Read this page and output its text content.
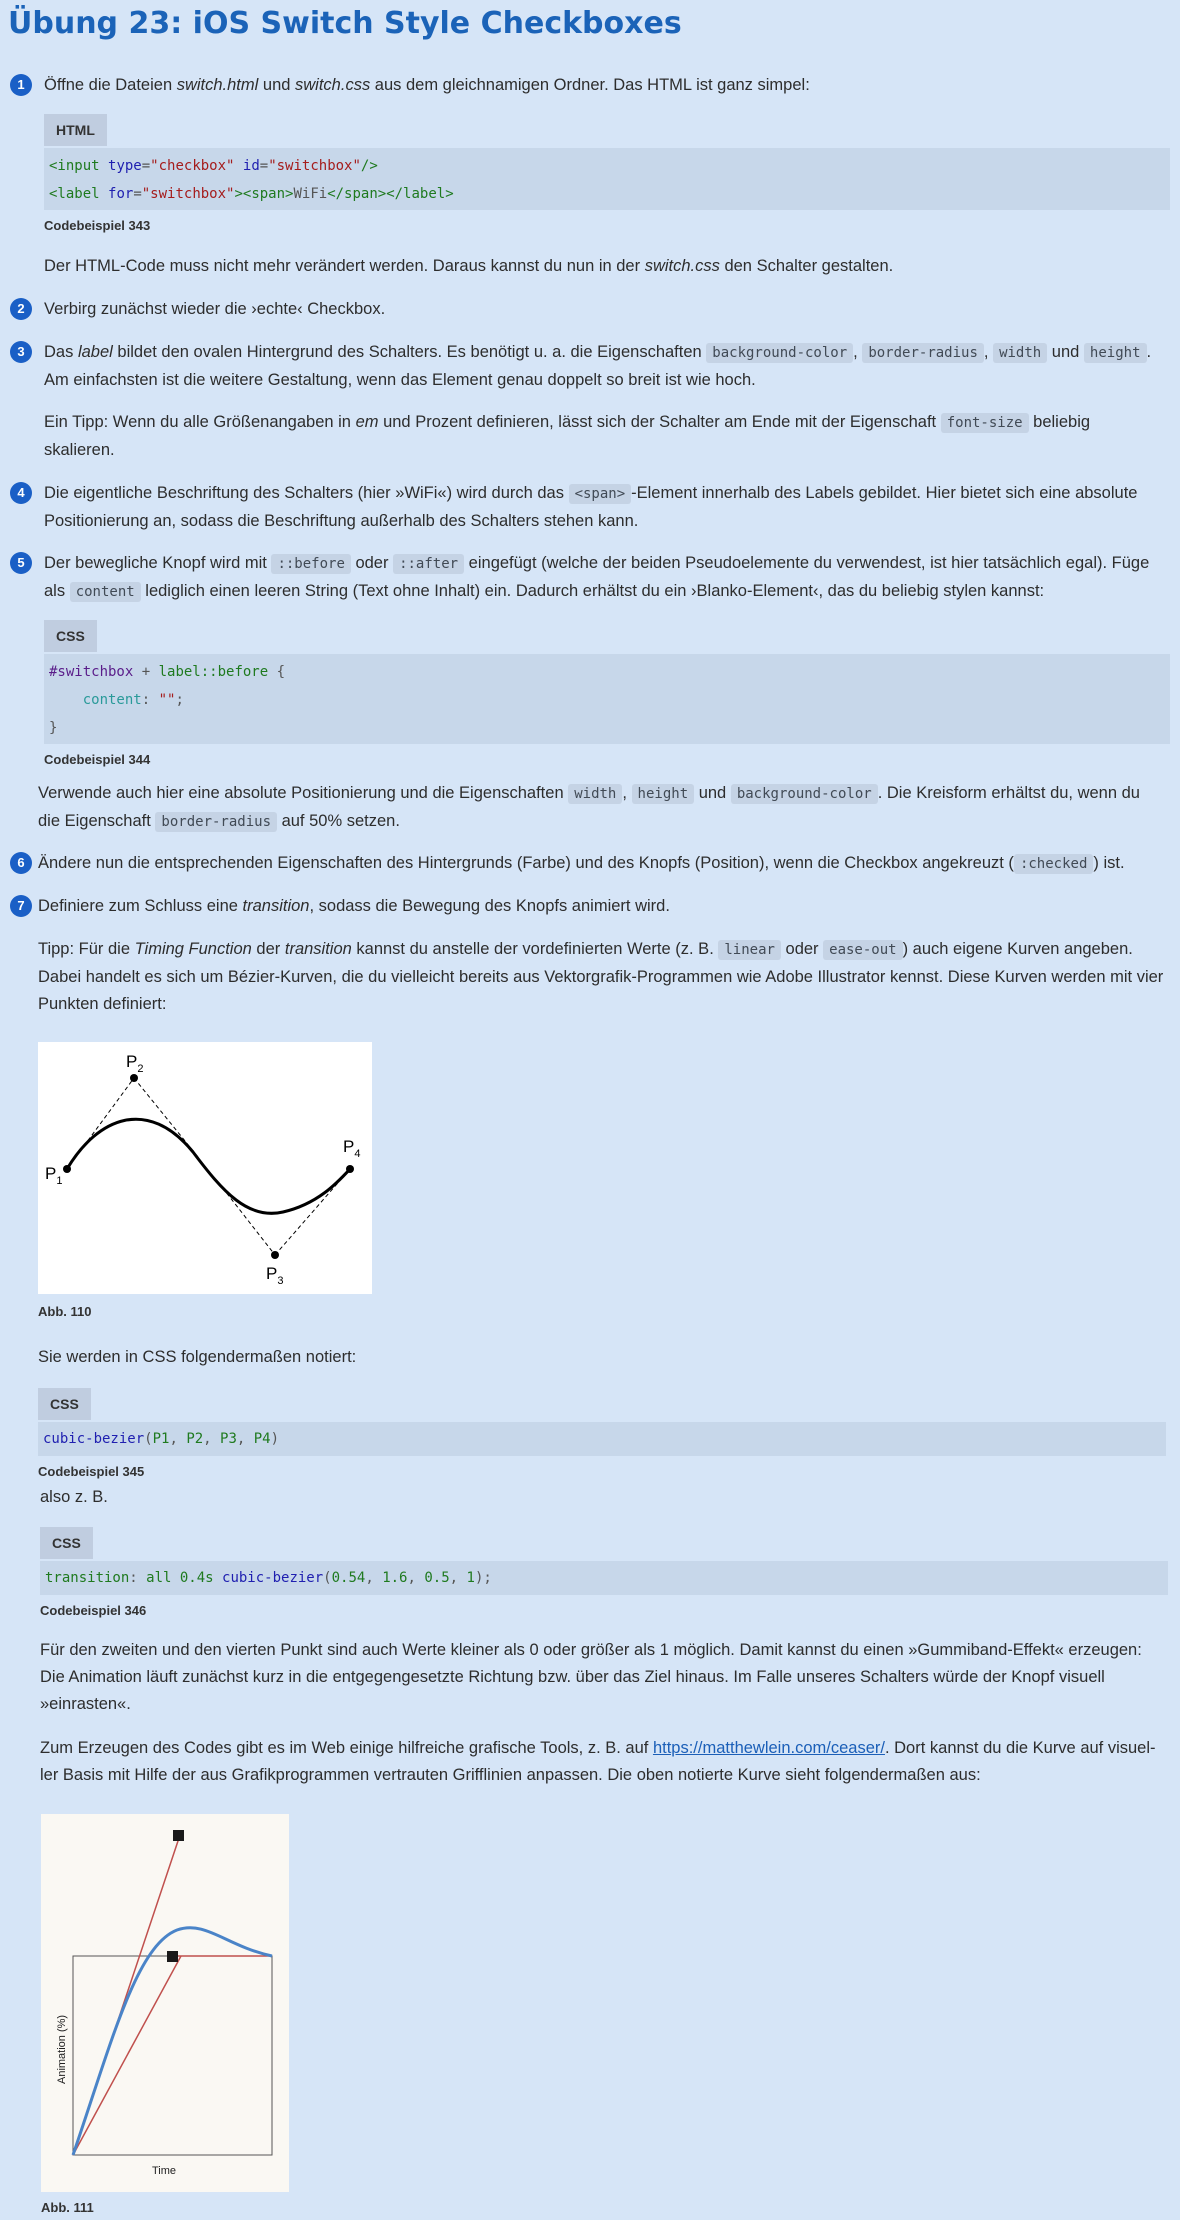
Übung 23: iOS Switch Style Checkboxes
1	Öffne die Dateien switch.html und switch.css aus dem gleichnamigen Ordner. Das HTML ist ganz simpel:

HTML
<input type="checkbox" id="switchbox"/>
<label for="switchbox"><span>WiFi</span></label>
Codebeispiel 343

Der HTML-Code muss nicht mehr verändert werden. Daraus kannst du nun in der switch.css den Schalter gestalten.

2	Verbirg zunächst wieder die ›echte‹ Checkbox.

3	Das label bildet den ovalen Hintergrund des Schalters. Es benötigt u. a. die Eigenschaften background-color , border-radius , width und height . Am einfachsten ist die weitere Gestaltung, wenn das Element genau doppelt so breit ist wie hoch.

Ein Tipp: Wenn du alle Größenangaben in em und Prozent definieren, lässt sich der Schalter am Ende mit der Eigenschaft font-size beliebig skalieren.

4	Die eigentliche Beschriftung des Schalters (hier »WiFi«) wird durch das <span> -Element innerhalb des Labels gebildet. Hier bietet sich eine absolute Positionierung an, sodass die Beschriftung außerhalb des Schalters stehen kann.

5	Der bewegliche Knopf wird mit ::before oder ::after eingefügt (welche der beiden Pseudoelemente du verwendest, ist hier tatsächlich egal). Füge als content lediglich einen leeren String (Text ohne Inhalt) ein. Dadurch erhältst du ein ›Blanko-Element‹, das du beliebig stylen kannst:

CSS
#switchbox + label::before {
content: "";
}
Codebeispiel 344

Verwende auch hier eine absolute Positionierung und die Eigenschaften width , height und background-color . Die Kreisform erhältst du, wenn du die Eigenschaft border-radius auf 50% setzen.

6 Ändere nun die entsprechenden Eigenschaften des Hintergrunds (Farbe) und des Knopfs (Position), wenn die Checkbox angekreuzt ( :checked ) ist.

7 Definiere zum Schluss eine transition, sodass die Bewegung des Knopfs animiert wird.

Tipp: Für die Timing Function der transition kannst du anstelle der vordefinierten Werte (z. B. linear oder ease-out ) auch eigene Kurven angeben. Dabei handelt es sich um Bézier-Kurven, die du vielleicht bereits aus Vektorgrafik-Programmen wie Adobe Illustrator kennst. Diese Kurven werden mit vier Punkten definiert:

$P_1$
$P_2$
$P_3$
$P_4$
Abb. 110

Sie werden in CSS folgendermaßen notiert:

CSS
cubic-bezier(P1, P2, P3, P4)
Codebeispiel 345

also z. B.

CSS
transition: all 0.4s cubic-bezier(0.54, 1.6, 0.5, 1);
Codebeispiel 346

Für den zweiten und den vierten Punkt sind auch Werte kleiner als 0 oder größer als 1 möglich. Damit kannst du einen »Gummiband-Effekt« erzeugen: Die Animation läuft zunächst kurz in die entgegengesetzte Richtung bzw. über das Ziel hinaus. Im Falle unseres Schalters würde der Knopf visuell »einrasten«.

Zum Erzeugen des Codes gibt es im Web einige hilfreiche grafische Tools, z. B. auf https://matthewlein.com/ceaser/. Dort kannst du die Kurve auf visueller Basis mit Hilfe der aus Grafikprogrammen vertrauten Grifflinien anpassen. Die oben notierte Kurve sieht folgendermaßen aus:

Animation (%)
Time
Abb. 111
